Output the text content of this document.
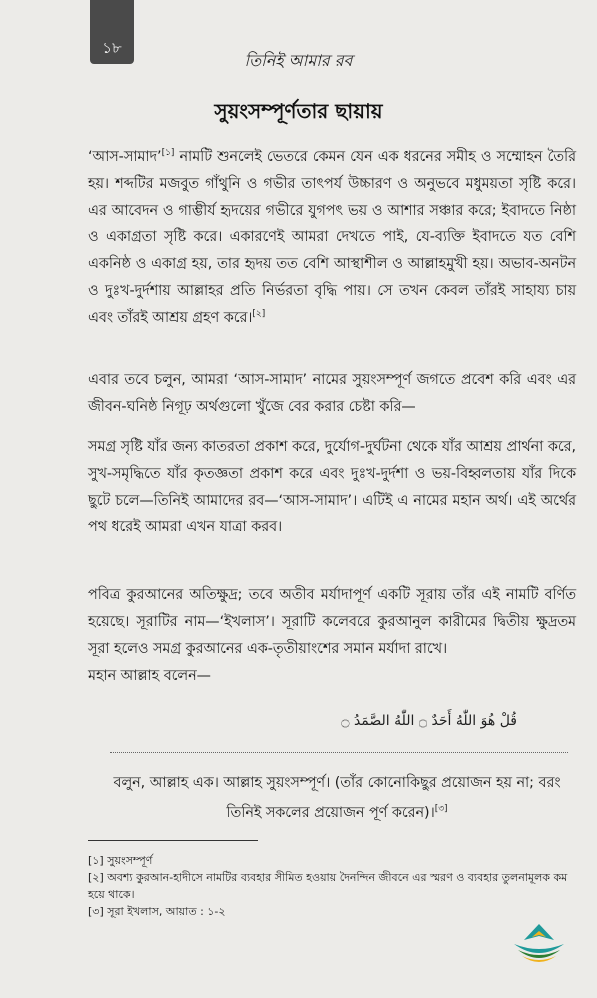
১৮
তিনিই আমার রব
সুয়ংসম্পূর্ণতার ছায়ায়
‘আস-সামাদ’[১] নামটি শুনলেই ভেতরে কেমন যেন এক ধরনের সমীহ ও সম্মোহন তৈরি হয়। শব্দটির মজবুত গাঁথুনি ও গভীর তাৎপর্য উচ্চারণ ও অনুভবে মধুময়তা সৃষ্টি করে। এর আবেদন ও গাম্ভীর্য হৃদয়ের গভীরে যুগপৎ ভয় ও আশার সঞ্চার করে; ইবাদতে নিষ্ঠা ও একাগ্রতা সৃষ্টি করে। একারণেই আমরা দেখতে পাই, যে-ব্যক্তি ইবাদতে যত বেশি একনিষ্ঠ ও একাগ্র হয়, তার হৃদয় তত বেশি আস্থাশীল ও আল্লাহমুখী হয়। অভাব-অনটন ও দুঃখ-দুর্দশায় আল্লাহর প্রতি নির্ভরতা বৃদ্ধি পায়। সে তখন কেবল তাঁরই সাহায্য চায় এবং তাঁরই আশ্রয় গ্রহণ করে।[২]
এবার তবে চলুন, আমরা ‘আস-সামাদ’ নামের সুয়ংসম্পূর্ণ জগতে প্রবেশ করি এবং এর জীবন-ঘনিষ্ঠ নিগূঢ় অর্থগুলো খুঁজে বের করার চেষ্টা করি—
সমগ্র সৃষ্টি যাঁর জন্য কাতরতা প্রকাশ করে, দুর্যোগ-দুর্ঘটনা থেকে যাঁর আশ্রয় প্রার্থনা করে, সুখ-সমৃদ্ধিতে যাঁর কৃতজ্ঞতা প্রকাশ করে এবং দুঃখ-দুর্দশা ও ভয়-বিহ্বলতায় যাঁর দিকে ছুটে চলে—তিনিই আমাদের রব—‘আস-সামাদ’। এটিই এ নামের মহান অর্থ। এই অর্থের পথ ধরেই আমরা এখন যাত্রা করব।
পবিত্র কুরআনের অতিক্ষুদ্র; তবে অতীব মর্যাদাপূর্ণ একটি সূরায় তাঁর এই নামটি বর্ণিত হয়েছে। সূরাটির নাম—‘ইখলাস’। সূরাটি কলেবরে কুরআনুল কারীমের দ্বিতীয় ক্ষুদ্রতম সূরা হলেও সমগ্র কুরআনের এক-তৃতীয়াংশের সমান মর্যাদা রাখে।
মহান আল্লাহ বলেন—
قُلْ هُوَ اللّٰهُ أَحَدٌ ۝ اللّٰهُ الصَّمَدُ ۝
বলুন, আল্লাহ এক। আল্লাহ সুয়ংসম্পূর্ণ। (তাঁর কোনোকিছুর প্রয়োজন হয় না; বরং তিনিই সকলের প্রয়োজন পূর্ণ করেন)।[৩]
[১] সুয়ংসম্পূর্ণ
[২] অবশ্য কুরআন-হাদীসে নামটির ব্যবহার সীমিত হওয়ায় দৈনন্দিন জীবনে এর স্মরণ ও ব্যবহার তুলনামূলক কম হয়ে থাকে।
[৩] সূরা ইখলাস, আয়াত : ১-২
